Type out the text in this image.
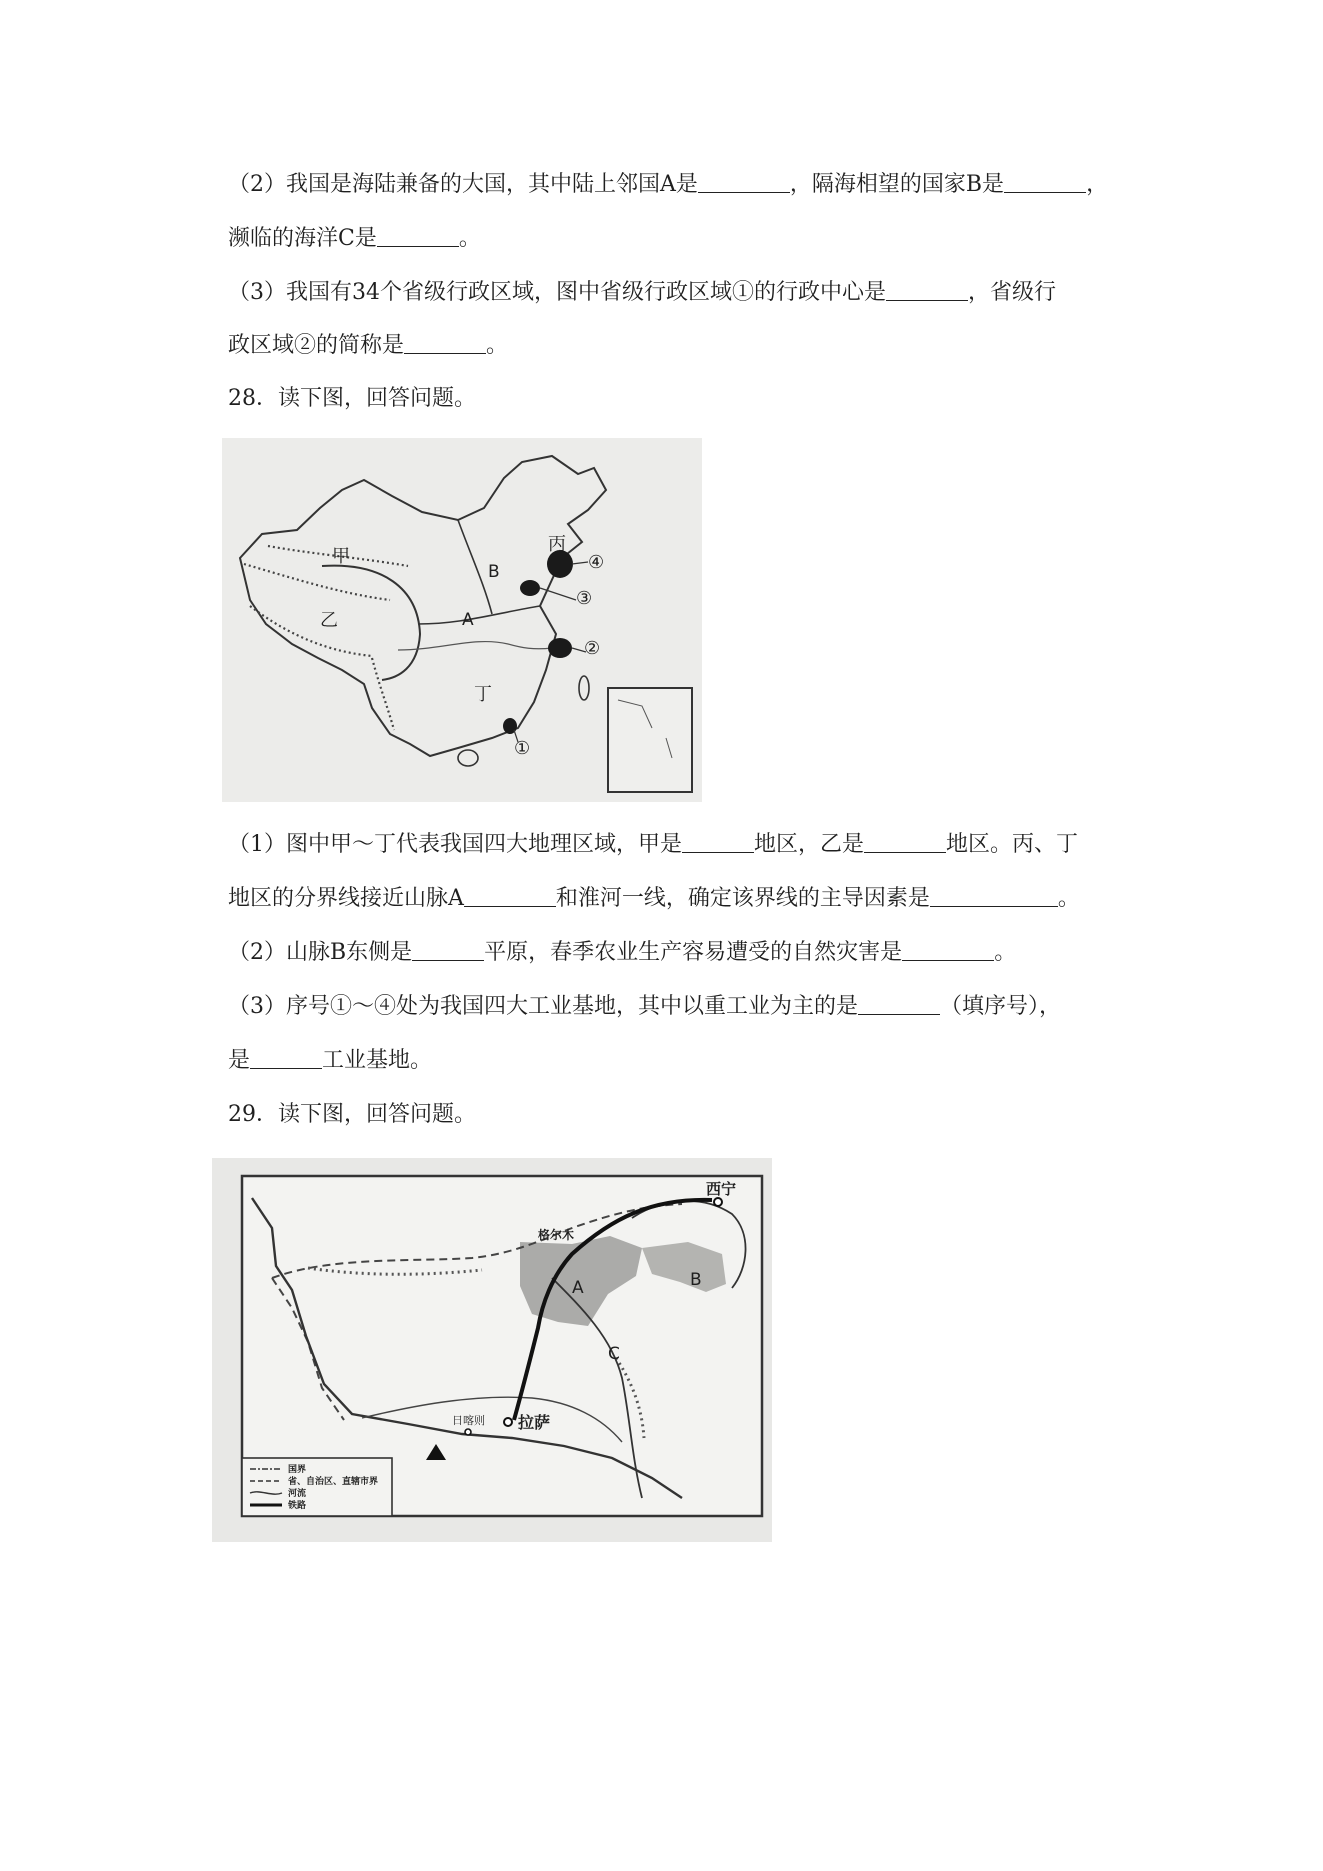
（2）我国是海陆兼备的大国，其中陆上邻国A是	，隔海相望的国家B是	，
濒临的海洋C是	。
（3）我国有34个省级行政区域，图中省级行政区域①的行政中心是	，省级行
政区域②的简称是	。
28．读下图，回答问题。
甲
乙
丙
丁
A
B	④
③
②
①
（1）图中甲～丁代表我国四大地理区域，甲是	地区，乙是	地区。丙、丁
地区的分界线接近山脉A	和淮河一线，确定该界线的主导因素是	。
（2）山脉B东侧是	平原，春季农业生产容易遭受的自然灾害是	。
（3）序号①～④处为我国四大工业基地，其中以重工业为主的是	（填序号），
是	工业基地。
29．读下图，回答问题。
西宁
格尔木
拉萨
日喀则
A	B
C
国界
省、自治区、直辖市界
河流
铁路
